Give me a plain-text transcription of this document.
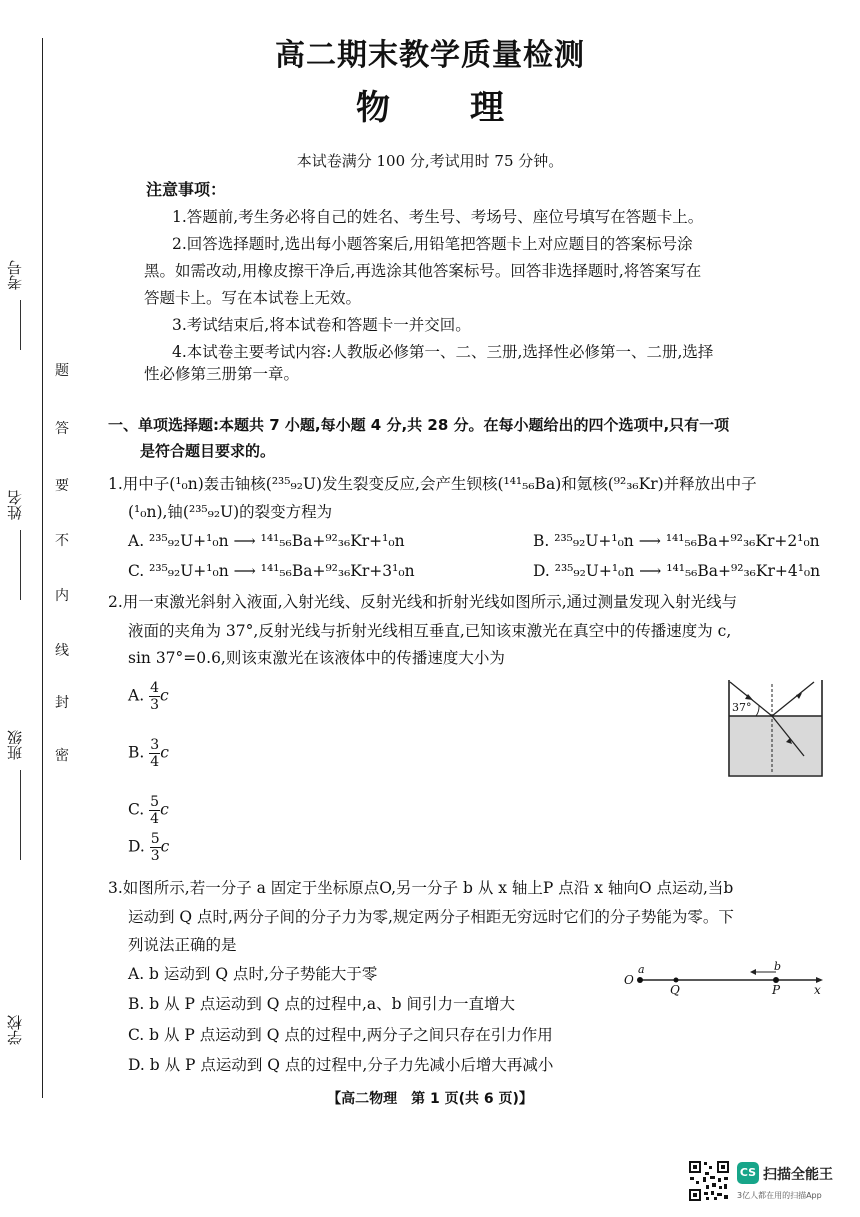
考号
姓名
班级
学校
题
答
要
不
内
线
封
密
高二期末教学质量检测
物 理
本试卷满分 100 分,考试用时 75 分钟。
注意事项：
1.答题前,考生务必将自己的姓名、考生号、考场号、座位号填写在答题卡上。
2.回答选择题时,选出每小题答案后,用铅笔把答题卡上对应题目的答案标号涂
黑。如需改动,用橡皮擦干净后,再选涂其他答案标号。回答非选择题时,将答案写在
答题卡上。写在本试卷上无效。
3.考试结束后,将本试卷和答题卡一并交回。
4.本试卷主要考试内容:人教版必修第一、二、三册,选择性必修第一、二册,选择
性必修第三册第一章。
一、单项选择题:本题共 7 小题,每小题 4 分,共 28 分。在每小题给出的四个选项中,只有一项
是符合题目要求的。
1.用中子(¹₀n)轰击铀核(²³⁵₉₂U)发生裂变反应,会产生钡核(¹⁴¹₅₆Ba)和氪核(⁹²₃₆Kr)并释放出中子
(¹₀n),铀(²³⁵₉₂U)的裂变方程为
A. ²³⁵₉₂U+¹₀n ⟶ ¹⁴¹₅₆Ba+⁹²₃₆Kr+¹₀n	B. ²³⁵₉₂U+¹₀n ⟶ ¹⁴¹₅₆Ba+⁹²₃₆Kr+2¹₀n
C. ²³⁵₉₂U+¹₀n ⟶ ¹⁴¹₅₆Ba+⁹²₃₆Kr+3¹₀n	D. ²³⁵₉₂U+¹₀n ⟶ ¹⁴¹₅₆Ba+⁹²₃₆Kr+4¹₀n
2.用一束激光斜射入液面,入射光线、反射光线和折射光线如图所示,通过测量发现入射光线与
液面的夹角为 37°,反射光线与折射光线相互垂直,已知该束激光在真空中的传播速度为 c,
sin 37°=0.6,则该束激光在该液体中的传播速度大小为
A. $\frac{4}{3}$ c
B. $\frac{3}{4}$ c
C. $\frac{5}{4}$ c
D. $\frac{5}{3}$ c
37°
3.如图所示,若一分子 a 固定于坐标原点O,另一分子 b 从 x 轴上P 点沿 x 轴向O 点运动,当b
运动到 Q 点时,两分子间的分子力为零,规定两分子相距无穷远时它们的分子势能为零。下
列说法正确的是
A. b 运动到 Q 点时,分子势能大于零
B. b 从 P 点运动到 Q 点的过程中,a、b 间引力一直增大
C. b 从 P 点运动到 Q 点的过程中,两分子之间只存在引力作用
D. b 从 P 点运动到 Q 点的过程中,分子力先减小后增大再减小
O
a
Q
b
P	x
【高二物理　第 1 页(共 6 页)】
CS 扫描全能王
3亿人都在用的扫描App
